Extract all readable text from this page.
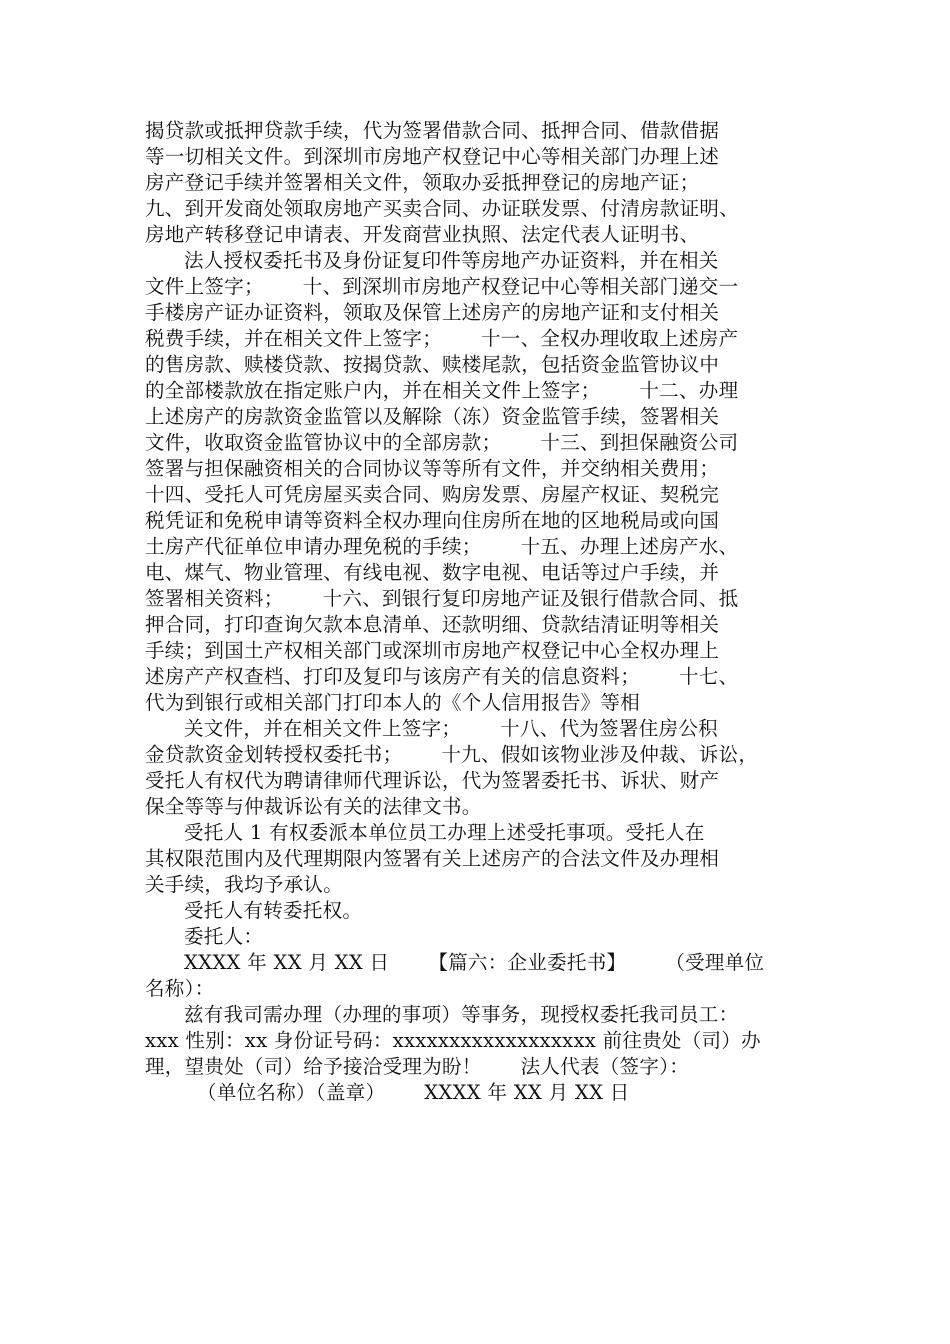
揭贷款或抵押贷款手续，代为签署借款合同、抵押合同、借款借据
等一切相关文件。到深圳市房地产权登记中心等相关部门办理上述
房产登记手续并签署相关文件，领取办妥抵押登记的房地产证；
九、到开发商处领取房地产买卖合同、办证联发票、付清房款证明、
房地产转移登记申请表、开发商营业执照、法定代表人证明书、
法人授权委托书及身份证复印件等房地产办证资料，并在相关
文件上签字；      十、到深圳市房地产权登记中心等相关部门递交一
手楼房产证办证资料，领取及保管上述房产的房地产证和支付相关
税费手续，并在相关文件上签字；      十一、全权办理收取上述房产
的售房款、赎楼贷款、按揭贷款、赎楼尾款，包括资金监管协议中
的全部楼款放在指定账户内，并在相关文件上签字；      十二、办理
上述房产的房款资金监管以及解除（冻）资金监管手续，签署相关
文件，收取资金监管协议中的全部房款；      十三、到担保融资公司
签署与担保融资相关的合同协议等等所有文件，并交纳相关费用；
十四、受托人可凭房屋买卖合同、购房发票、房屋产权证、契税完
税凭证和免税申请等资料全权办理向住房所在地的区地税局或向国
土房产代征单位申请办理免税的手续；      十五、办理上述房产水、
电、煤气、物业管理、有线电视、数字电视、电话等过户手续，并
签署相关资料；      十六、到银行复印房地产证及银行借款合同、抵
押合同，打印查询欠款本息清单、还款明细、贷款结清证明等相关
手续；到国土产权相关部门或深圳市房地产权登记中心全权办理上
述房产产权查档、打印及复印与该房产有关的信息资料；      十七、
代为到银行或相关部门打印本人的《个人信用报告》等相
关文件，并在相关文件上签字；      十八、代为签署住房公积
金贷款资金划转授权委托书；      十九、假如该物业涉及仲裁、诉讼，
受托人有权代为聘请律师代理诉讼，代为签署委托书、诉状、财产
保全等等与仲裁诉讼有关的法律文书。
受托人 1 有权委派本单位员工办理上述受托事项。受托人在
其权限范围内及代理期限内签署有关上述房产的合法文件及办理相
关手续，我均予承认。
受托人有转委托权。
委托人：
XXXX 年 XX 月 XX 日      【篇六：企业委托书】      （受理单位
名称）：
兹有我司需办理（办理的事项）等事务，现授权委托我司员工：
xxx 性别：xx 身份证号码：xxxxxxxxxxxxxxxxxx 前往贵处（司）办
理，望贵处（司）给予接洽受理为盼！      法人代表（签字）：
（单位名称）（盖章）      XXXX 年 XX 月 XX 日
